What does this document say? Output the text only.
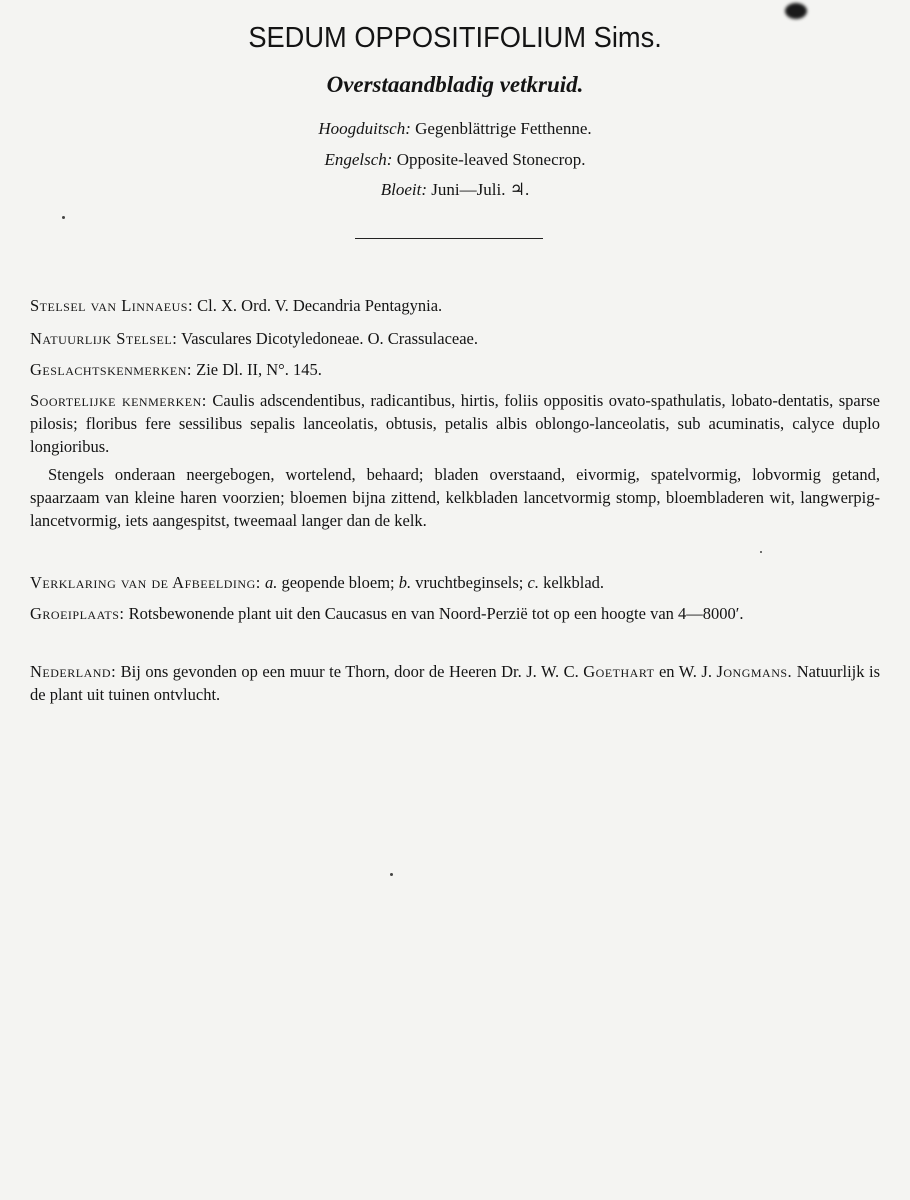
SEDUM OPPOSITIFOLIUM Sims.
Overstaandbladig vetkruid.
Hoogduitsch: Gegenblättrige Fetthenne.
Engelsch: Opposite-leaved Stonecrop.
Bloeit: Juni—Juli. ♃.
Stelsel van Linnaeus: Cl. X. Ord. V. Decandria Pentagynia.
Natuurlijk Stelsel: Vasculares Dicotyledoneae. O. Crassulaceae.
Geslachtskenmerken: Zie Dl. II, N°. 145.
Soortelijke kenmerken: Caulis adscendentibus, radicantibus, hirtis, foliis oppositis ovato-spathulatis, lobato-dentatis, sparse pilosis; floribus fere sessilibus sepalis lanceolatis, obtusis, petalis albis oblongo-lanceolatis, sub acuminatis, calyce duplo longioribus.
Stengels onderaan neergebogen, wortelend, behaard; bladen overstaand, eivormig, spatelvormig, lobvormig getand, spaarzaam van kleine haren voorzien; bloemen bijna zittend, kelkbladen lancetvormig stomp, bloembladeren wit, langwerpig-lancetvormig, iets aangespitst, tweemaal langer dan de kelk.
Verklaring van de Afbeelding: a. geopende bloem; b. vruchtbeginsels; c. kelkblad.
Groeiplaats: Rotsbewonende plant uit den Caucasus en van Noord-Perzië tot op een hoogte van 4—8000′.
Nederland: Bij ons gevonden op een muur te Thorn, door de Heeren Dr. J. W. C. Goethart en W. J. Jongmans. Natuurlijk is de plant uit tuinen ontvlucht.
